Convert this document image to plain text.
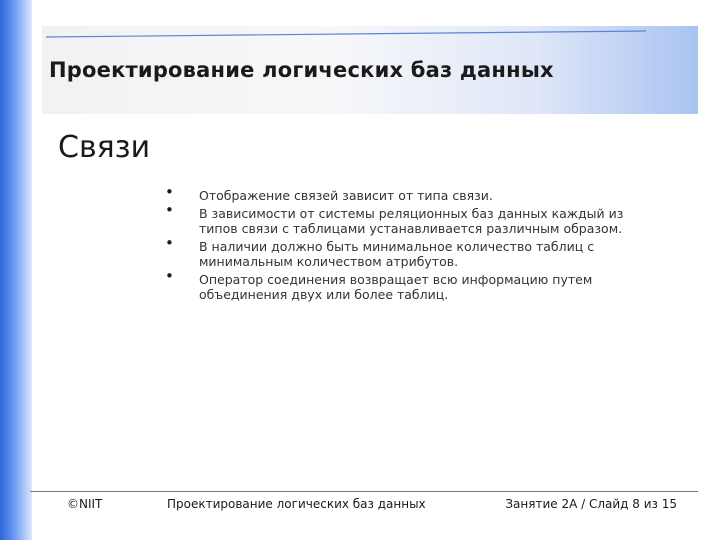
Проектирование логических баз данных
Связи
• Отображение связей зависит от типа связи.
• В зависимости от системы реляционных баз данных каждый из типов связи с таблицами устанавливается различным образом.
• В наличии должно быть минимальное количество таблиц с минимальным количеством атрибутов.
• Оператор соединения возвращает всю информацию путем объединения двух или более таблиц.

©NIIT	Проектирование логических баз данных	Занятие 2A / Слайд 8 из 15
